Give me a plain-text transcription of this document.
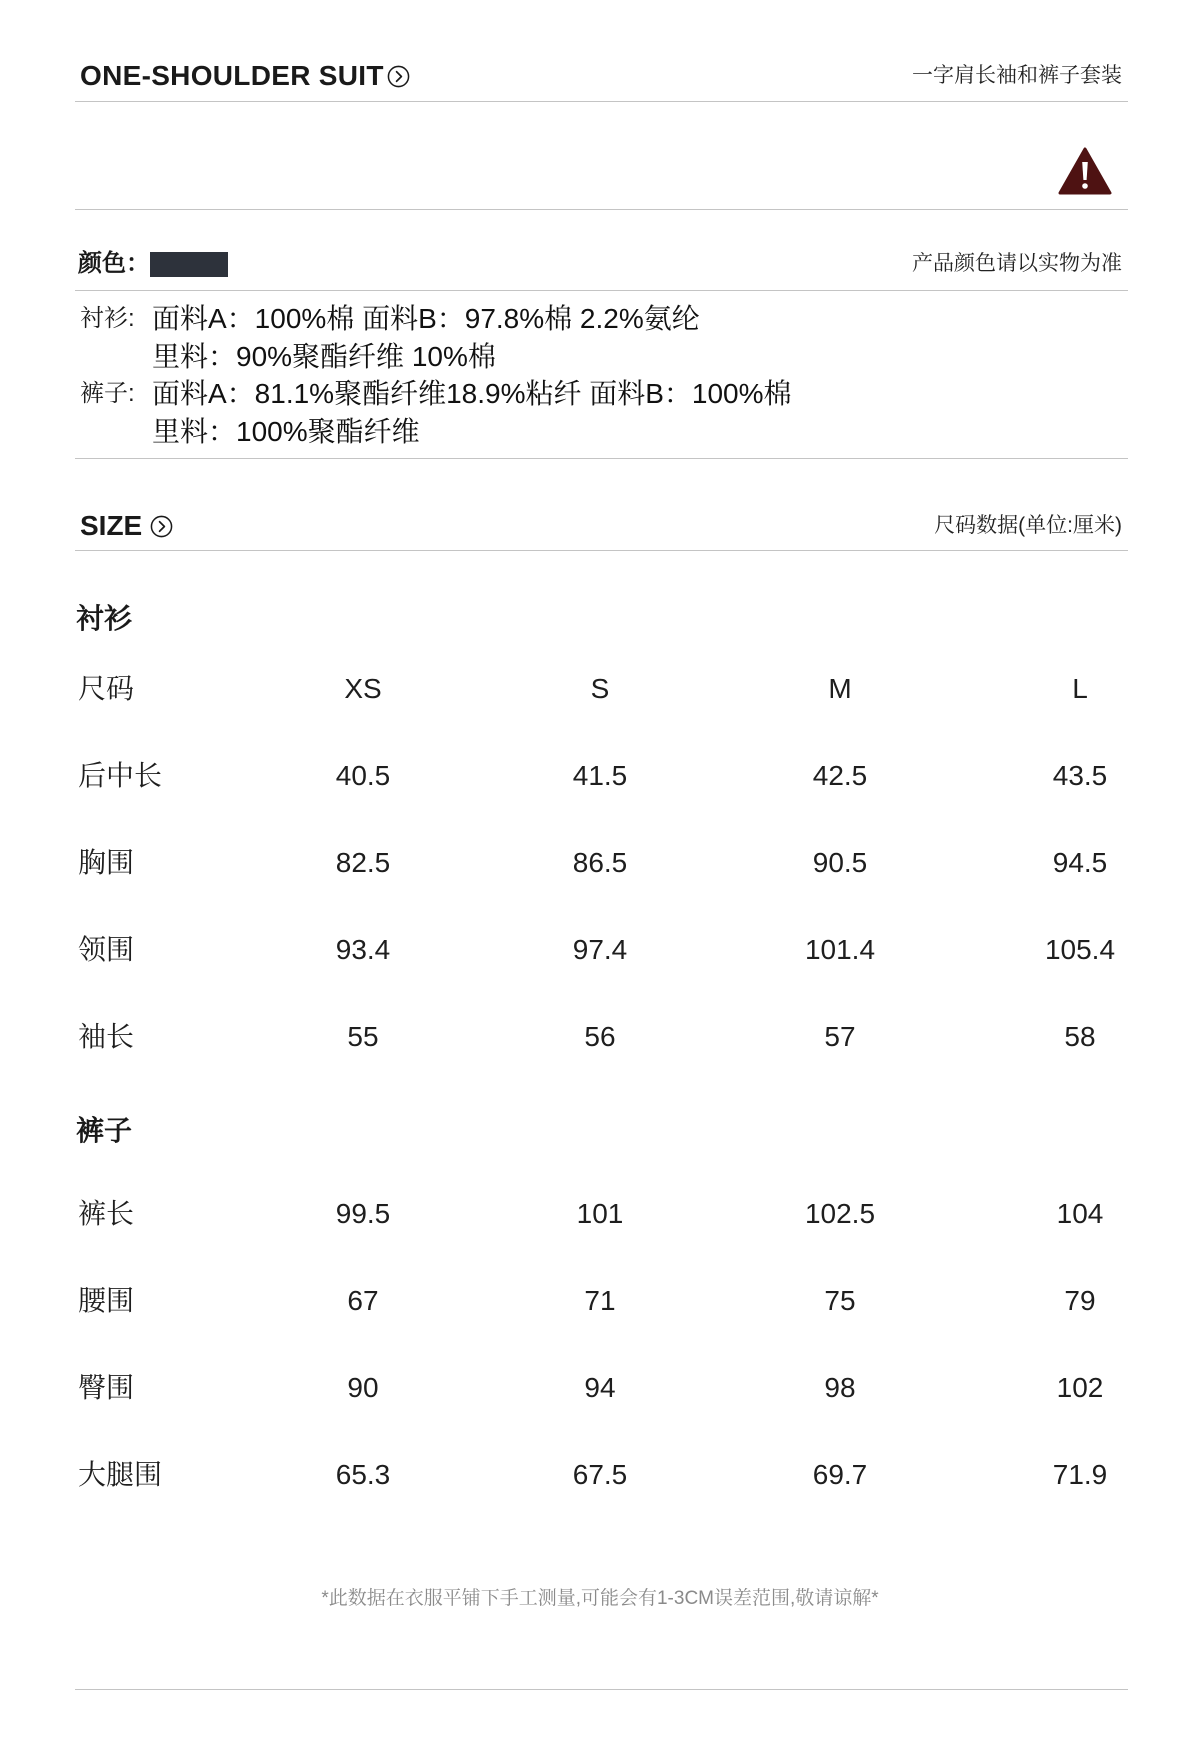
ONE-SHOULDER SUIT	一字肩长袖和裤子套装
颜色：	产品颜色请以实物为准
衬衫: 面料A：100%棉 面料B：97.8%棉 2.2%氨纶
里料：90%聚酯纤维 10%棉
裤子: 面料A：81.1%聚酯纤维18.9%粘纤 面料B：100%棉
里料：100%聚酯纤维
SIZE	尺码数据(单位:厘米)
衬衫
尺码	XS	S	M	L
后中长	40.5	41.5	42.5	43.5
胸围	82.5	86.5	90.5	94.5
领围	93.4	97.4	101.4	105.4
袖长	55	56	57	58
裤子
裤长	99.5	101	102.5	104
腰围	67	71	75	79
臀围	90	94	98	102
大腿围	65.3	67.5	69.7	71.9
*此数据在衣服平铺下手工测量,可能会有1-3CM误差范围,敬请谅解*
